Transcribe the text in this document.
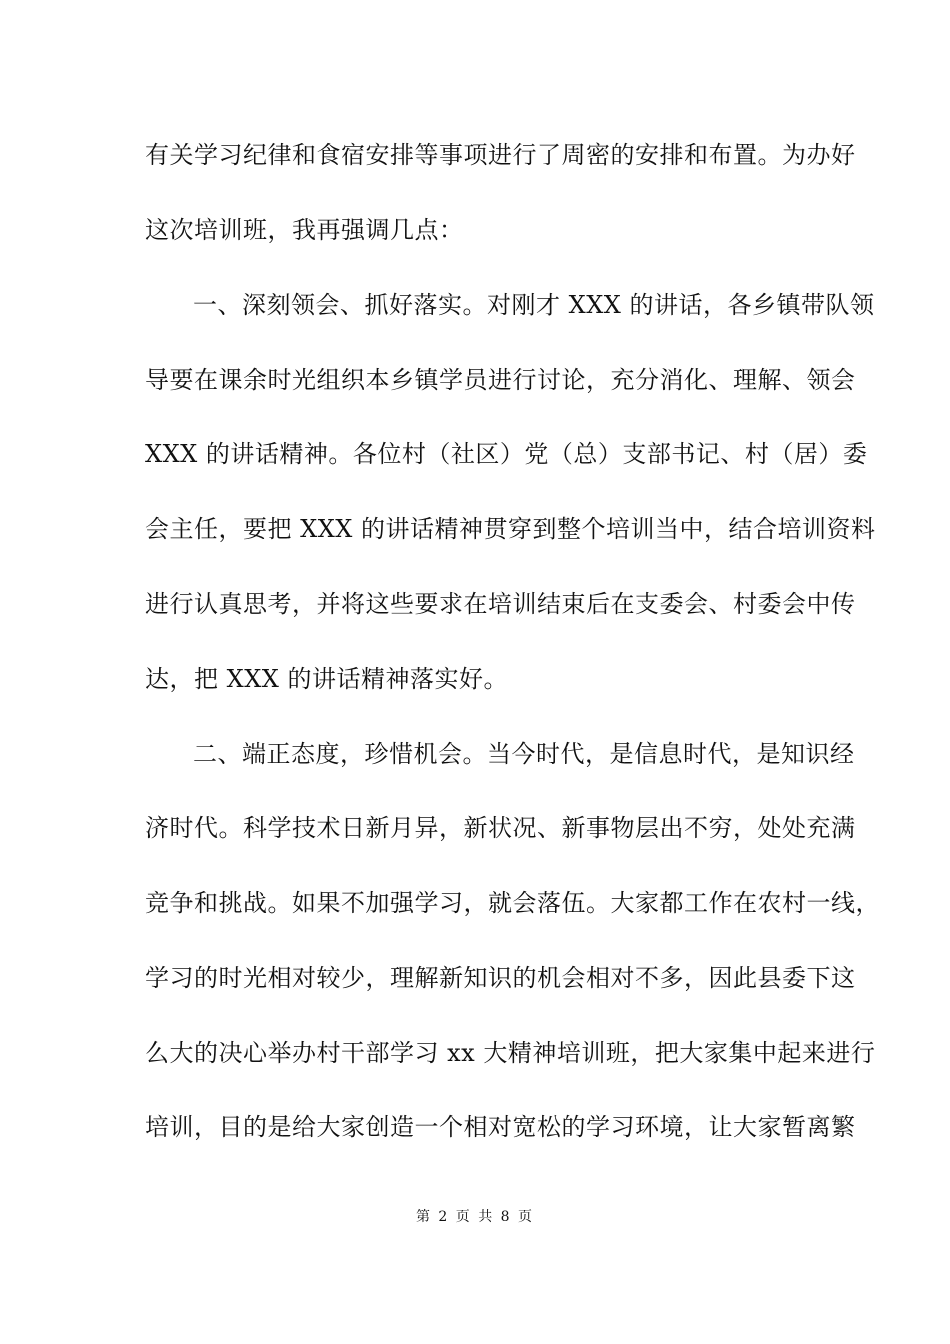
有关学习纪律和食宿安排等事项进行了周密的安排和布置。为办好
这次培训班，我再强调几点：
一、深刻领会、抓好落实。对刚才 XXX 的讲话，各乡镇带队领
导要在课余时光组织本乡镇学员进行讨论，充分消化、理解、领会
XXX 的讲话精神。各位村（社区）党（总）支部书记、村（居）委
会主任，要把 XXX 的讲话精神贯穿到整个培训当中，结合培训资料
进行认真思考，并将这些要求在培训结束后在支委会、村委会中传
达，把 XXX 的讲话精神落实好。
二、端正态度，珍惜机会。当今时代，是信息时代，是知识经
济时代。科学技术日新月异，新状况、新事物层出不穷，处处充满
竞争和挑战。如果不加强学习，就会落伍。大家都工作在农村一线，
学习的时光相对较少，理解新知识的机会相对不多，因此县委下这
么大的决心举办村干部学习 xx 大精神培训班，把大家集中起来进行
培训，目的是给大家创造一个相对宽松的学习环境，让大家暂离繁
第 2 页 共 8 页
